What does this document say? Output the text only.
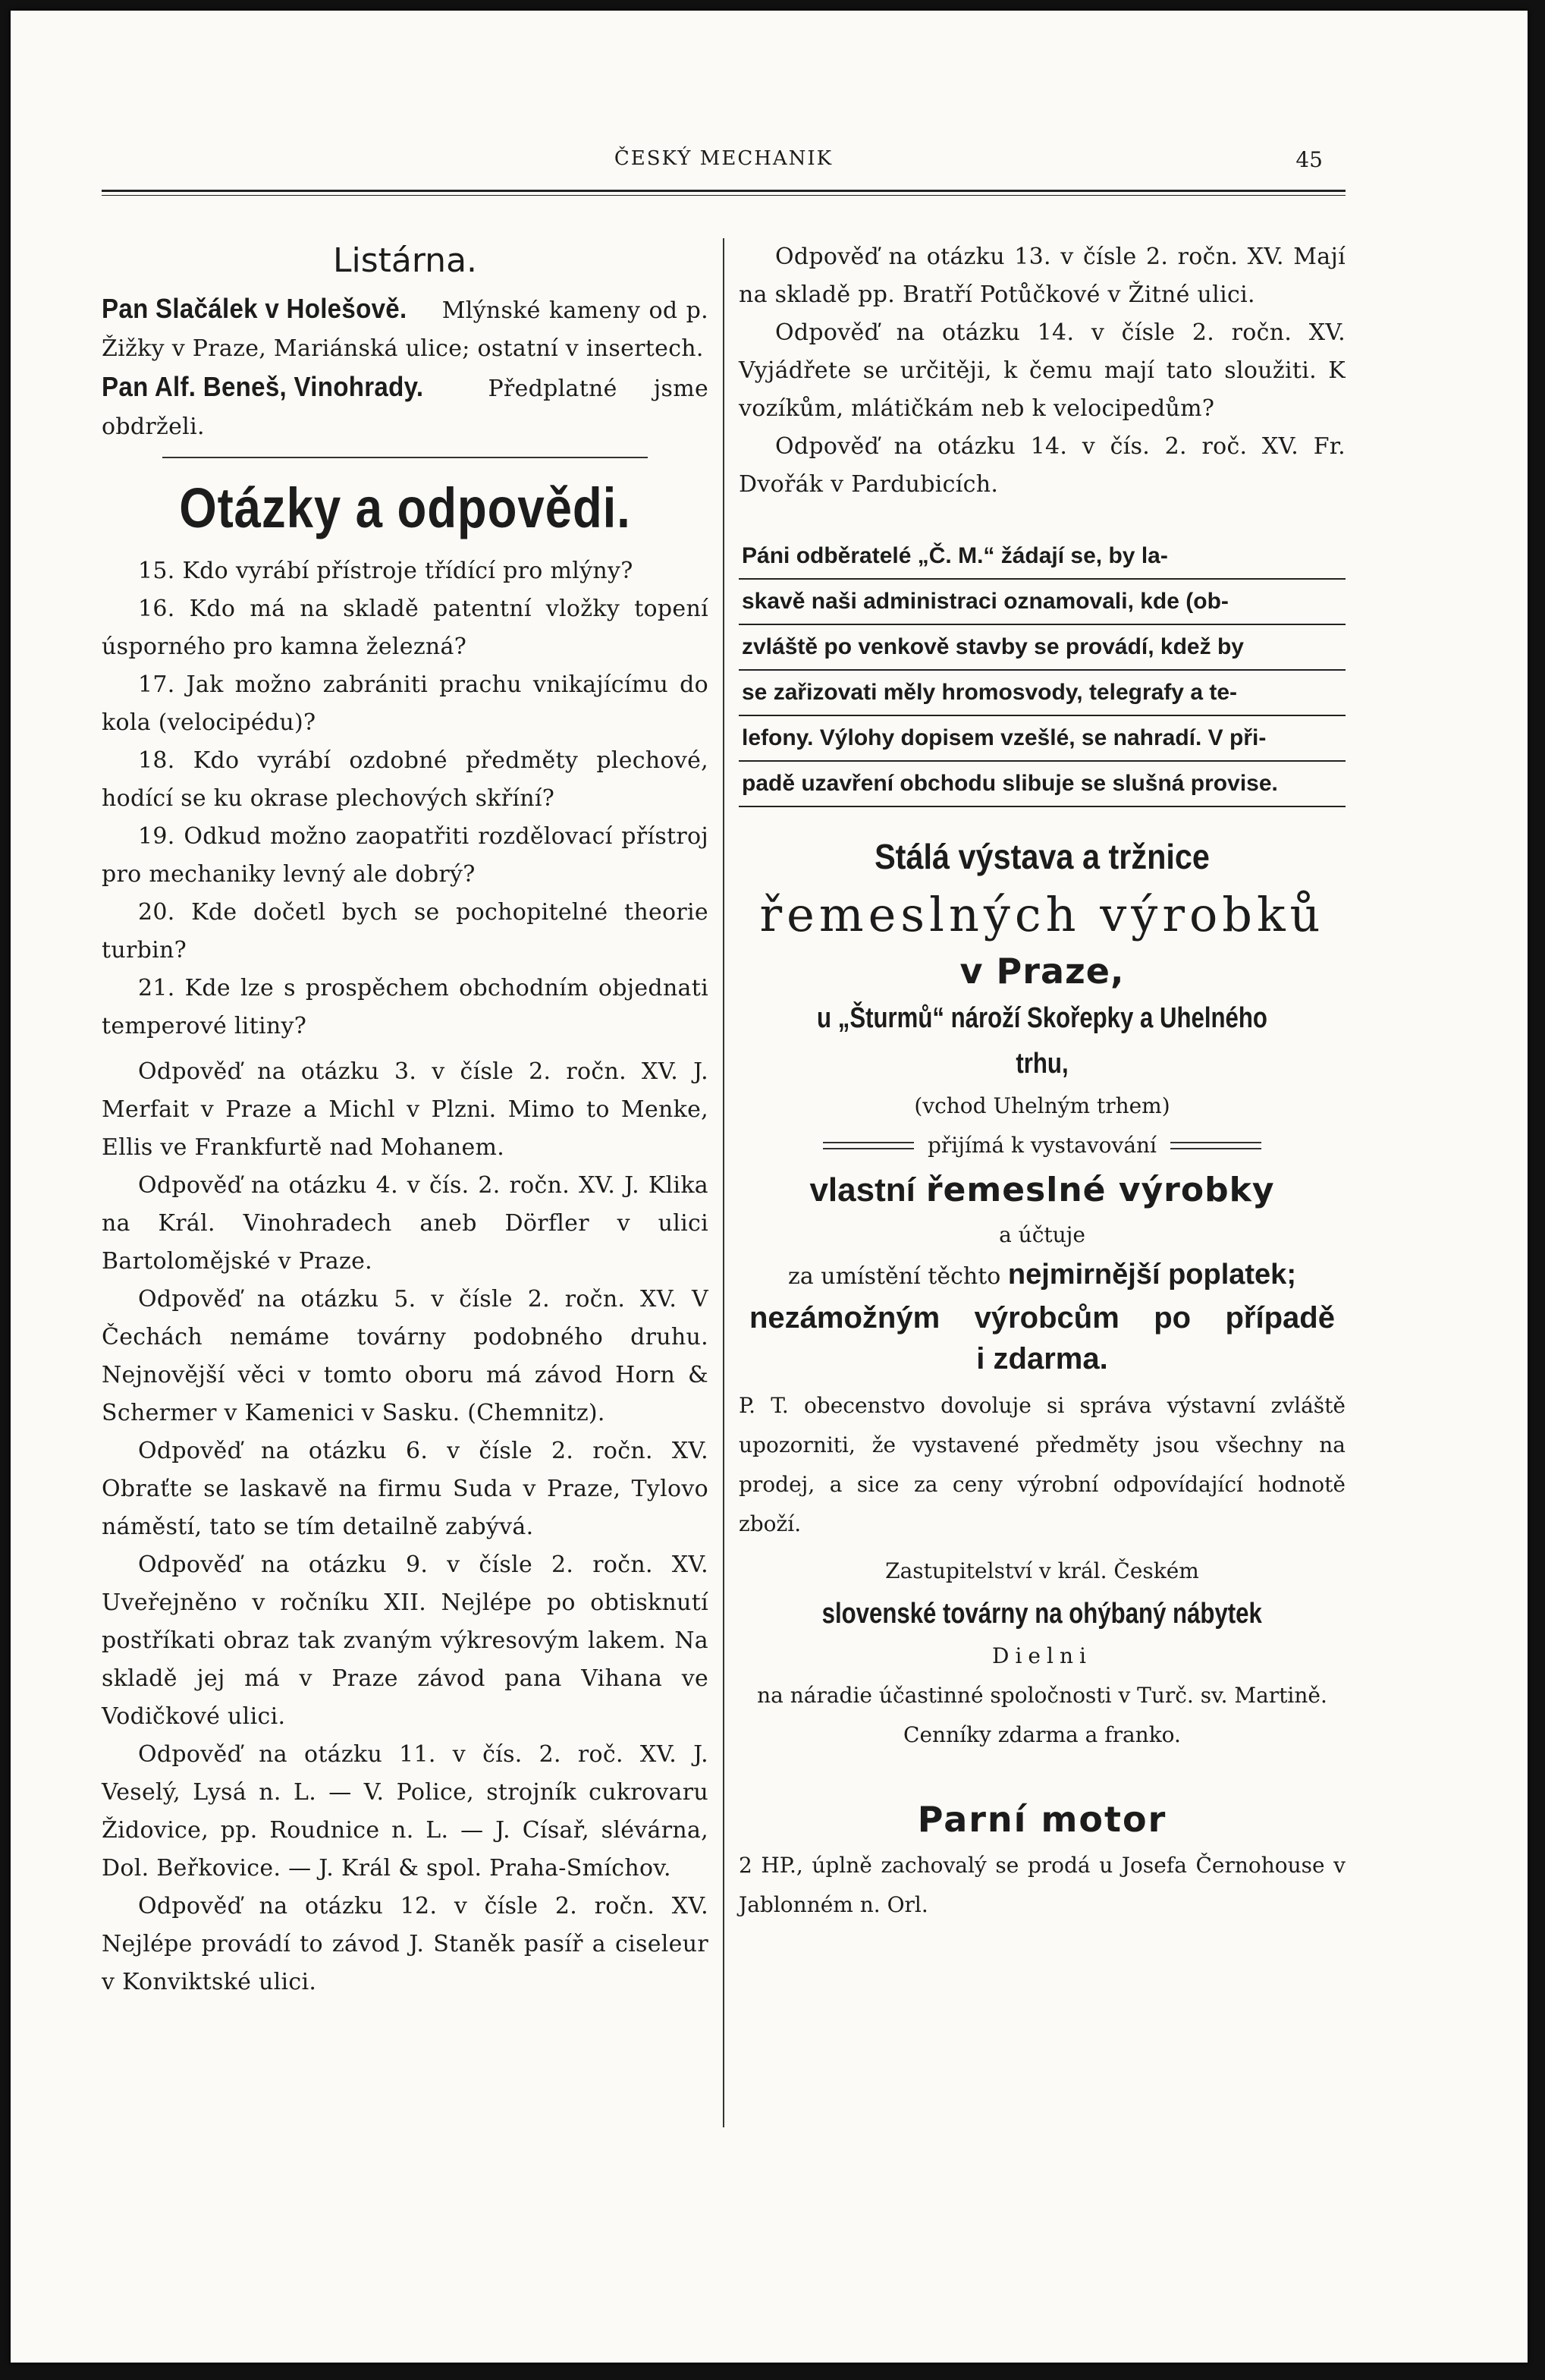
ČESKÝ MECHANIK	45
Listárna.

Pan Slačálek v Holešově. Mlýnské kameny od p. Žižky v Praze, Mariánská ulice; ostatní v insertech.

Pan Alf. Beneš, Vinohrady.	Předplatné jsme obdrželi.

Otázky a odpovědi.

15. Kdo vyrábí přístroje třídící pro mlýny?

16. Kdo má na skladě patentní vložky topení úsporného pro kamna železná?

17. Jak možno zabrániti prachu vnikajícímu do kola (velocipédu)?

18. Kdo vyrábí ozdobné předměty plechové, hodící se ku okrase plechových skříní?

19. Odkud možno zaopatřiti rozdělovací přístroj pro mechaniky levný ale dobrý?

20. Kde dočetl bych se pochopitelné theorie turbin?

21. Kde lze s prospěchem obchodním objednati temperové litiny?

Odpověď na otázku 3. v čísle 2. ročn. XV. J. Merfait v Praze a Michl v Plzni. Mimo to Menke, Ellis ve Frankfurtě nad Mohanem.

Odpověď na otázku 4. v čís. 2. ročn. XV. J. Klika na Král. Vinohradech aneb Dörfler v ulici Bartolomějské v Praze.

Odpověď na otázku 5. v čísle 2. ročn. XV. V Čechách nemáme továrny podobného druhu. Nejnovější věci v tomto oboru má závod Horn & Schermer v Kamenici v Sasku. (Chemnitz).

Odpověď na otázku 6. v čísle 2. ročn. XV. Obraťte se laskavě na firmu Suda v Praze, Tylovo náměstí, tato se tím detailně zabývá.

Odpověď na otázku 9. v čísle 2. ročn. XV. Uveřejněno v ročníku XII. Nejlépe po obtisknutí postříkati obraz tak zvaným výkresovým lakem. Na skladě jej má v Praze závod pana Vihana ve Vodičkové ulici.

Odpověď na otázku 11. v čís. 2. roč. XV. J. Veselý, Lysá n. L. — V. Police, strojník cukrovaru Židovice, pp. Roudnice n. L. — J. Císař, slévárna, Dol. Beřkovice. — J. Král & spol. Praha-Smíchov.

Odpověď na otázku 12. v čísle 2. ročn. XV. Nejlépe provádí to závod J. Staněk pasíř a ciseleur v Konviktské ulici.

Odpověď na otázku 13. v čísle 2. ročn. XV. Mají na skladě pp. Bratří Potůčkové v Žitné ulici.

Odpověď na otázku 14. v čísle 2. ročn. XV. Vyjádřete se určitěji, k čemu mají tato sloužiti. K vozíkům, mlátičkám neb k velocipedům?

Odpověď na otázku 14. v čís. 2. roč. XV. Fr. Dvořák v Pardubicích.

Páni odběratelé „Č. M.“ žádají se, by la-
skavě naši administraci oznamovali, kde (ob-
zvláště po venkově stavby se provádí, kdež by
se zařizovati měly hromosvody, telegrafy a te-
lefony. Výlohy dopisem vzešlé, se nahradí. V při-
padě uzavření obchodu slibuje se slušná provise.
Stálá výstava a tržnice
řemeslných výrobků
v Praze,
u „Šturmů“ nároží Skořepky a Uhelného trhu,
(vchod Uhelným trhem)
přijímá k vystavování
vlastní řemeslné výrobky
a účtuje
za umístění těchto nejmirnější poplatek;
nezámožným výrobcům po případě
i zdarma.

P. T. obecenstvo dovoluje si správa výstavní zvláště upozorniti, že vystavené předměty jsou všechny na prodej, a sice za ceny výrobní odpovídající hodnotě zboží.

Zastupitelství v král. Českém
slovenské továrny na ohýbaný nábytek
Dielni

na náradie účastinné spoločnosti v Turč. sv. Martině.

Cenníky zdarma a franko.
Parní motor

2 HP., úplně zachovalý se prodá u Josefa Černohouse v Jablonném n. Orl.
